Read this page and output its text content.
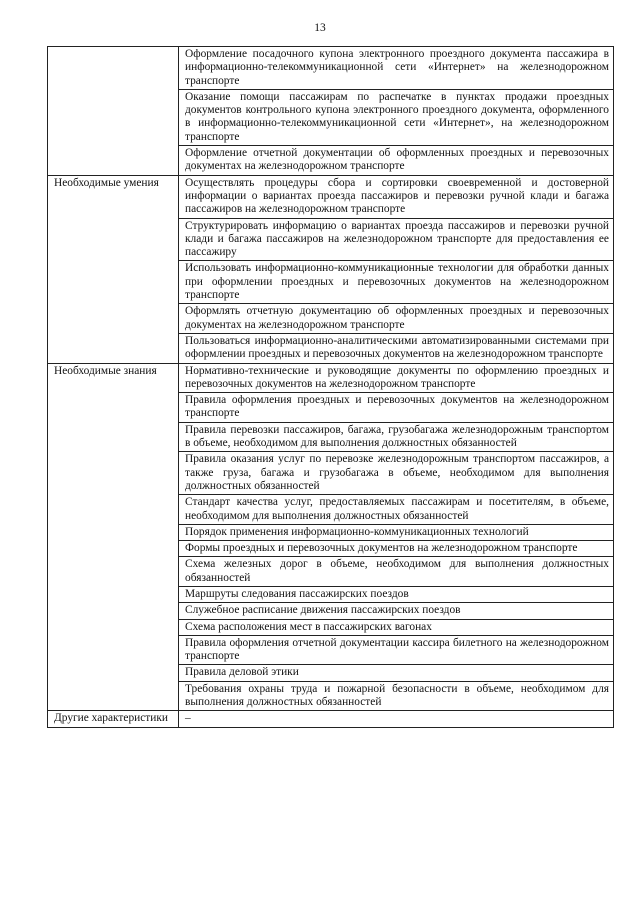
13
	Оформление посадочного купона электронного проездного документа пассажира в информационно-телекоммуникационной сети «Интернет» на железнодорожном транспорте
	Оказание помощи пассажирам по распечатке в пунктах продажи проездных документов контрольного купона электронного проездного документа, оформленного в информационно-телекоммуникационной сети «Интернет», на железнодорожном транспорте
	Оформление отчетной документации об оформленных проездных и перевозочных документах на железнодорожном транспорте
Необходимые умения	Осуществлять процедуры сбора и сортировки своевременной и достоверной информации о вариантах проезда пассажиров и перевозки ручной клади и багажа пассажиров на железнодорожном транспорте
	Структурировать информацию о вариантах проезда пассажиров и перевозки ручной клади и багажа пассажиров на железнодорожном транспорте для предоставления ее пассажиру
	Использовать информационно-коммуникационные технологии для обработки данных при оформлении проездных и перевозочных документов на железнодорожном транспорте
	Оформлять отчетную документацию об оформленных проездных и перевозочных документах на железнодорожном транспорте
	Пользоваться информационно-аналитическими автоматизированными системами при оформлении проездных и перевозочных документов на железнодорожном транспорте
Необходимые знания	Нормативно-технические и руководящие документы по оформлению проездных и перевозочных документов на железнодорожном транспорте
	Правила оформления проездных и перевозочных документов на железнодорожном транспорте
	Правила перевозки пассажиров, багажа, грузобагажа железнодорожным транспортом в объеме, необходимом для выполнения должностных обязанностей
	Правила оказания услуг по перевозке железнодорожным транспортом пассажиров, а также груза, багажа и грузобагажа в объеме, необходимом для выполнения должностных обязанностей
	Стандарт качества услуг, предоставляемых пассажирам и посетителям, в объеме, необходимом для выполнения должностных обязанностей
	Порядок применения информационно-коммуникационных технологий
	Формы проездных и перевозочных документов на железнодорожном транспорте
	Схема железных дорог в объеме, необходимом для выполнения должностных обязанностей
	Маршруты следования пассажирских поездов
	Служебное расписание движения пассажирских поездов
	Схема расположения мест в пассажирских вагонах
	Правила оформления отчетной документации кассира билетного на железнодорожном транспорте
	Правила деловой этики
	Требования охраны труда и пожарной безопасности в объеме, необходимом для выполнения должностных обязанностей
Другие характеристики	–
